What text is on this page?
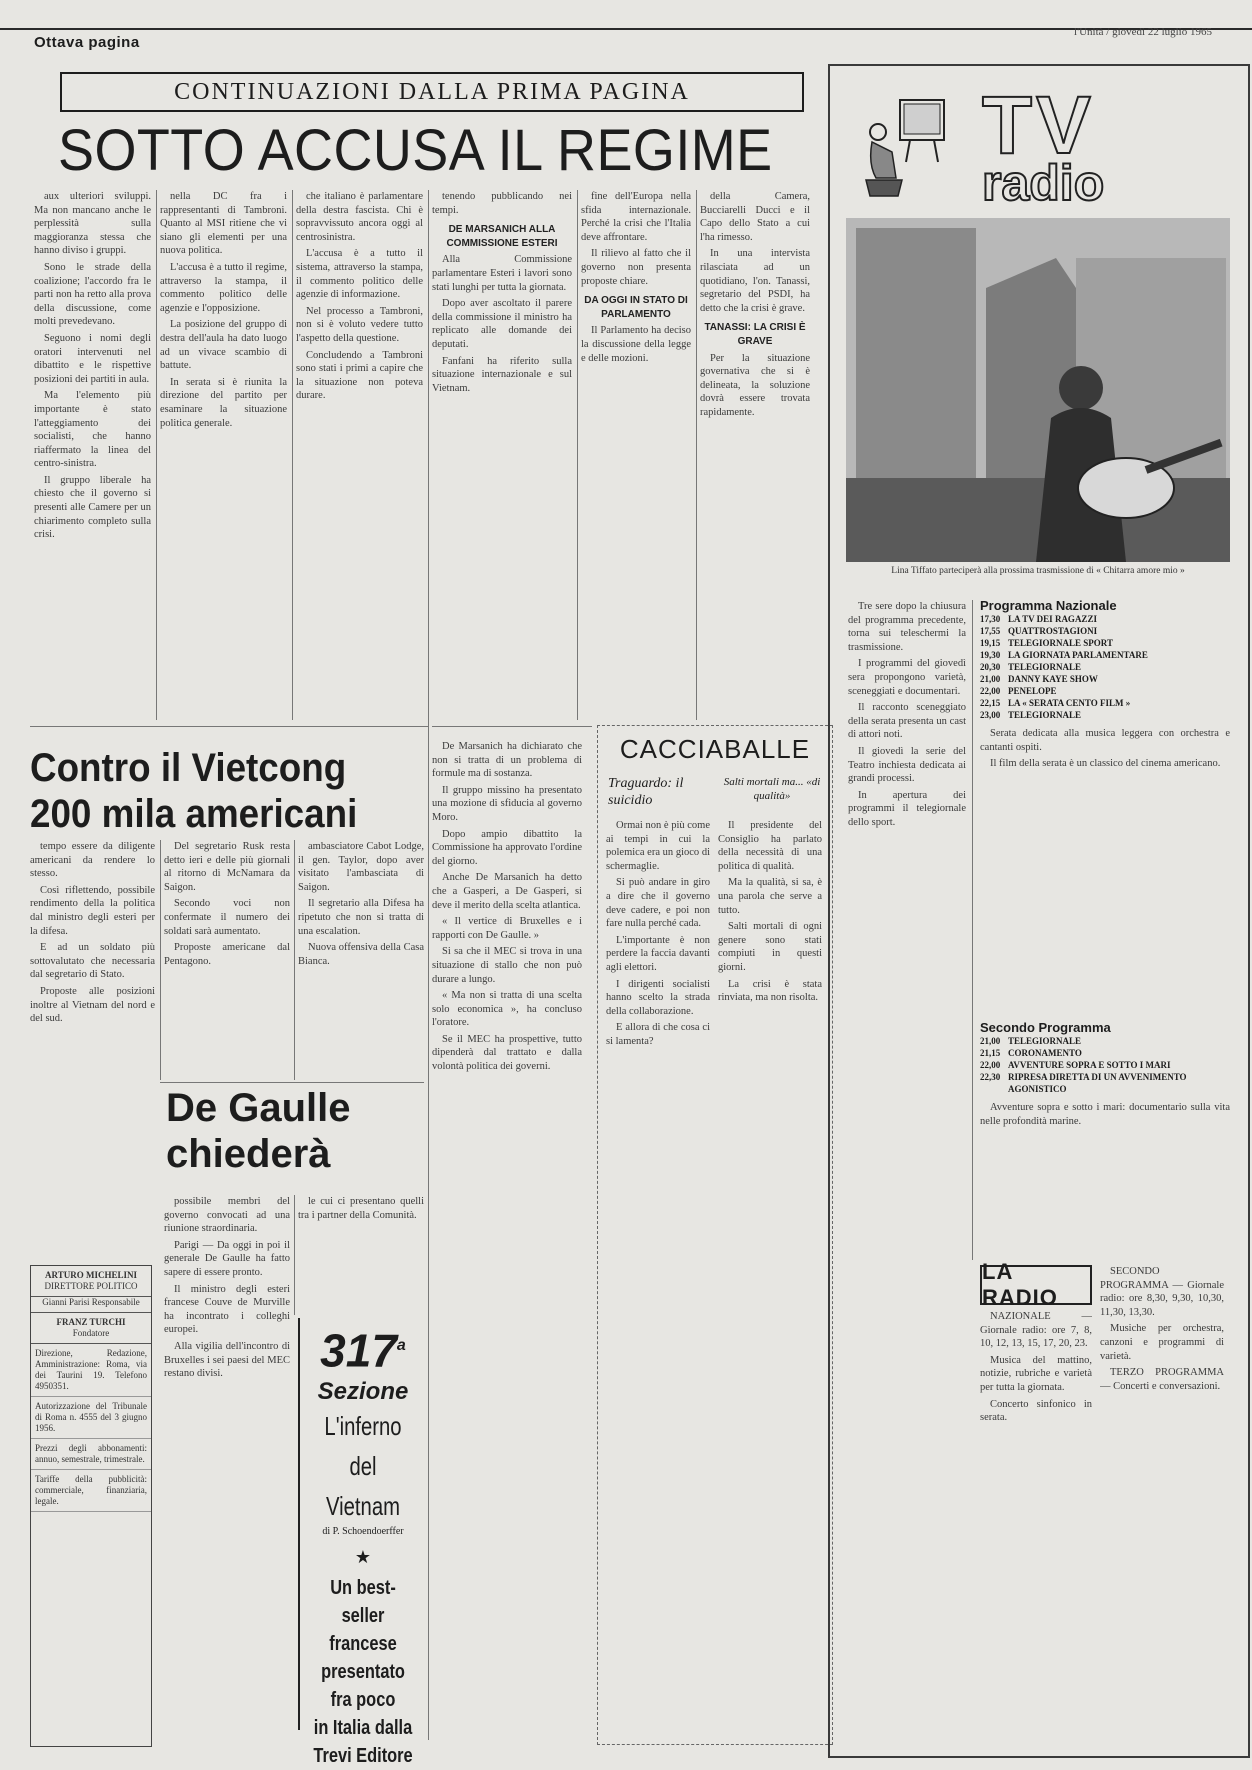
Ottava pagina
l'Unità / giovedì 22 luglio 1965
CONTINUAZIONI DALLA PRIMA PAGINA
SOTTO ACCUSA IL REGIME

aux ulteriori sviluppi. Ma non mancano anche le perplessità sulla maggioranza stessa che hanno diviso i gruppi.

Sono le strade della coalizione; l'accordo fra le parti non ha retto alla prova della discussione, come molti prevedevano.

Seguono i nomi degli oratori intervenuti nel dibattito e le rispettive posizioni dei partiti in aula.

Ma l'elemento più importante è stato l'atteggiamento dei socialisti, che hanno riaffermato la linea del centro-sinistra.

Il gruppo liberale ha chiesto che il governo si presenti alle Camere per un chiarimento completo sulla crisi.

nella DC fra i rappresentanti di Tambroni. Quanto al MSI ritiene che vi siano gli elementi per una nuova politica.

L'accusa è a tutto il regime, attraverso la stampa, il commento politico delle agenzie e l'opposizione.

La posizione del gruppo di destra dell'aula ha dato luogo ad un vivace scambio di battute.

In serata si è riunita la direzione del partito per esaminare la situazione politica generale.

che italiano è parlamentare della destra fascista. Chi è sopravvissuto ancora oggi al centrosinistra.

L'accusa è a tutto il sistema, attraverso la stampa, il commento politico delle agenzie di informazione.

Nel processo a Tambroni, non si è voluto vedere tutto l'aspetto della questione.

Concludendo a Tambroni sono stati i primi a capire che la situazione non poteva durare.

tenendo pubblicando nei tempi.

DE MARSANICH ALLA COMMISSIONE ESTERI

Alla Commissione parlamentare Esteri i lavori sono stati lunghi per tutta la giornata.

Dopo aver ascoltato il parere della commissione il ministro ha replicato alle domande dei deputati.

Fanfani ha riferito sulla situazione internazionale e sul Vietnam.

fine dell'Europa nella sfida internazionale. Perché la crisi che l'Italia deve affrontare.

Il rilievo al fatto che il governo non presenta proposte chiare.

DA OGGI IN STATO DI PARLAMENTO

Il Parlamento ha deciso la discussione della legge e delle mozioni.

della Camera, Bucciarelli Ducci e il Capo dello Stato a cui l'ha rimesso.

In una intervista rilasciata ad un quotidiano, l'on. Tanassi, segretario del PSDI, ha detto che la crisi è grave.

TANASSI: LA CRISI È GRAVE

Per la situazione governativa che si è delineata, la soluzione dovrà essere trovata rapidamente.

Contro il Vietcong
200 mila americani

tempo essere da diligente americani da rendere lo stesso.

Così riflettendo, possibile rendimento della la politica dal ministro degli esteri per la difesa.

E ad un soldato più sottovalutato che necessaria dal segretario di Stato.

Proposte alle posizioni inoltre al Vietnam del nord e del sud.

Del segretario Rusk resta detto ieri e delle più giornali al ritorno di McNamara da Saigon.

Secondo voci non confermate il numero dei soldati sarà aumentato.

Proposte americane dal Pentagono.

ambasciatore Cabot Lodge, il gen. Taylor, dopo aver visitato l'ambasciata di Saigon.

Il segretario alla Difesa ha ripetuto che non si tratta di una escalation.

Nuova offensiva della Casa Bianca.

De Gaulle
chiederà

possibile membri del governo convocati ad una riunione straordinaria.

Parigi — Da oggi in poi il generale De Gaulle ha fatto sapere di essere pronto.

Il ministro degli esteri francese Couve de Murville ha incontrato i colleghi europei.

Alla vigilia dell'incontro di Bruxelles i sei paesi del MEC restano divisi.

le cui ci presentano quelli tra i partner della Comunità.

ARTURO MICHELINI
DIRETTORE POLITICO
Gianni Parisi Responsabile
FRANZ TURCHI
Fondatore
Direzione, Redazione, Amministrazione: Roma, via dei Taurini 19. Telefono 4950351.
Autorizzazione del Tribunale di Roma n. 4555 del 3 giugno 1956.
Prezzi degli abbonamenti: annuo, semestrale, trimestrale.
Tariffe della pubblicità: commerciale, finanziaria, legale.
317$^a$
Sezione
L'inferno
del Vietnam
di P. Schoendoerffer
★
Un best-seller
francese
presentato
fra poco
in Italia dalla
Trevi Editore

De Marsanich ha dichiarato che non si tratta di un problema di formule ma di sostanza.

Il gruppo missino ha presentato una mozione di sfiducia al governo Moro.

Dopo ampio dibattito la Commissione ha approvato l'ordine del giorno.

Anche De Marsanich ha detto che a Gasperi, a De Gasperi, si deve il merito della scelta atlantica.

« Il vertice di Bruxelles e i rapporti con De Gaulle. »

Si sa che il MEC si trova in una situazione di stallo che non può durare a lungo.

« Ma non si tratta di una scelta solo economica », ha concluso l'oratore.

Se il MEC ha prospettive, tutto dipenderà dal trattato e dalla volontà politica dei governi.

CACCIABALLE
Traguardo: il suicidio
Salti mortali ma... «di qualità»

Ormai non è più come ai tempi in cui la polemica era un gioco di schermaglie.

Si può andare in giro a dire che il governo deve cadere, e poi non fare nulla perché cada.

L'importante è non perdere la faccia davanti agli elettori.

I dirigenti socialisti hanno scelto la strada della collaborazione.

E allora di che cosa ci si lamenta?

Il presidente del Consiglio ha parlato della necessità di una politica di qualità.

Ma la qualità, si sa, è una parola che serve a tutto.

Salti mortali di ogni genere sono stati compiuti in questi giorni.

La crisi è stata rinviata, ma non risolta.

TV
radio
Lina Tiffato parteciperà alla prossima trasmissione di « Chitarra amore mio »

Tre sere dopo la chiusura del programma precedente, torna sui teleschermi la trasmissione.

I programmi del giovedì sera propongono varietà, sceneggiati e documentari.

Il racconto sceneggiato della serata presenta un cast di attori noti.

Il giovedì la serie del Teatro inchiesta dedicata ai grandi processi.

In apertura dei programmi il telegiornale dello sport.

Programma Nazionale
17,30 LA TV DEI RAGAZZI
17,55 QUATTROSTAGIONI
19,15 TELEGIORNALE SPORT
19,30 LA GIORNATA PARLAMENTARE
20,30 TELEGIORNALE
21,00 DANNY KAYE SHOW
22,00 PENELOPE
22,15 LA « SERATA CENTO FILM »
23,00 TELEGIORNALE

Serata dedicata alla musica leggera con orchestra e cantanti ospiti.

Il film della serata è un classico del cinema americano.

Secondo Programma
21,00 TELEGIORNALE
21,15 CORONAMENTO
22,00 AVVENTURE SOPRA E SOTTO I MARI
22,30 RIPRESA DIRETTA DI UN AVVENIMENTO AGONISTICO

Avventure sopra e sotto i mari: documentario sulla vita nelle profondità marine.

LA RADIO

NAZIONALE — Giornale radio: ore 7, 8, 10, 12, 13, 15, 17, 20, 23.

Musica del mattino, notizie, rubriche e varietà per tutta la giornata.

Concerto sinfonico in serata.

SECONDO PROGRAMMA — Giornale radio: ore 8,30, 9,30, 10,30, 11,30, 13,30.

Musiche per orchestra, canzoni e programmi di varietà.

TERZO PROGRAMMA — Concerti e conversazioni.
